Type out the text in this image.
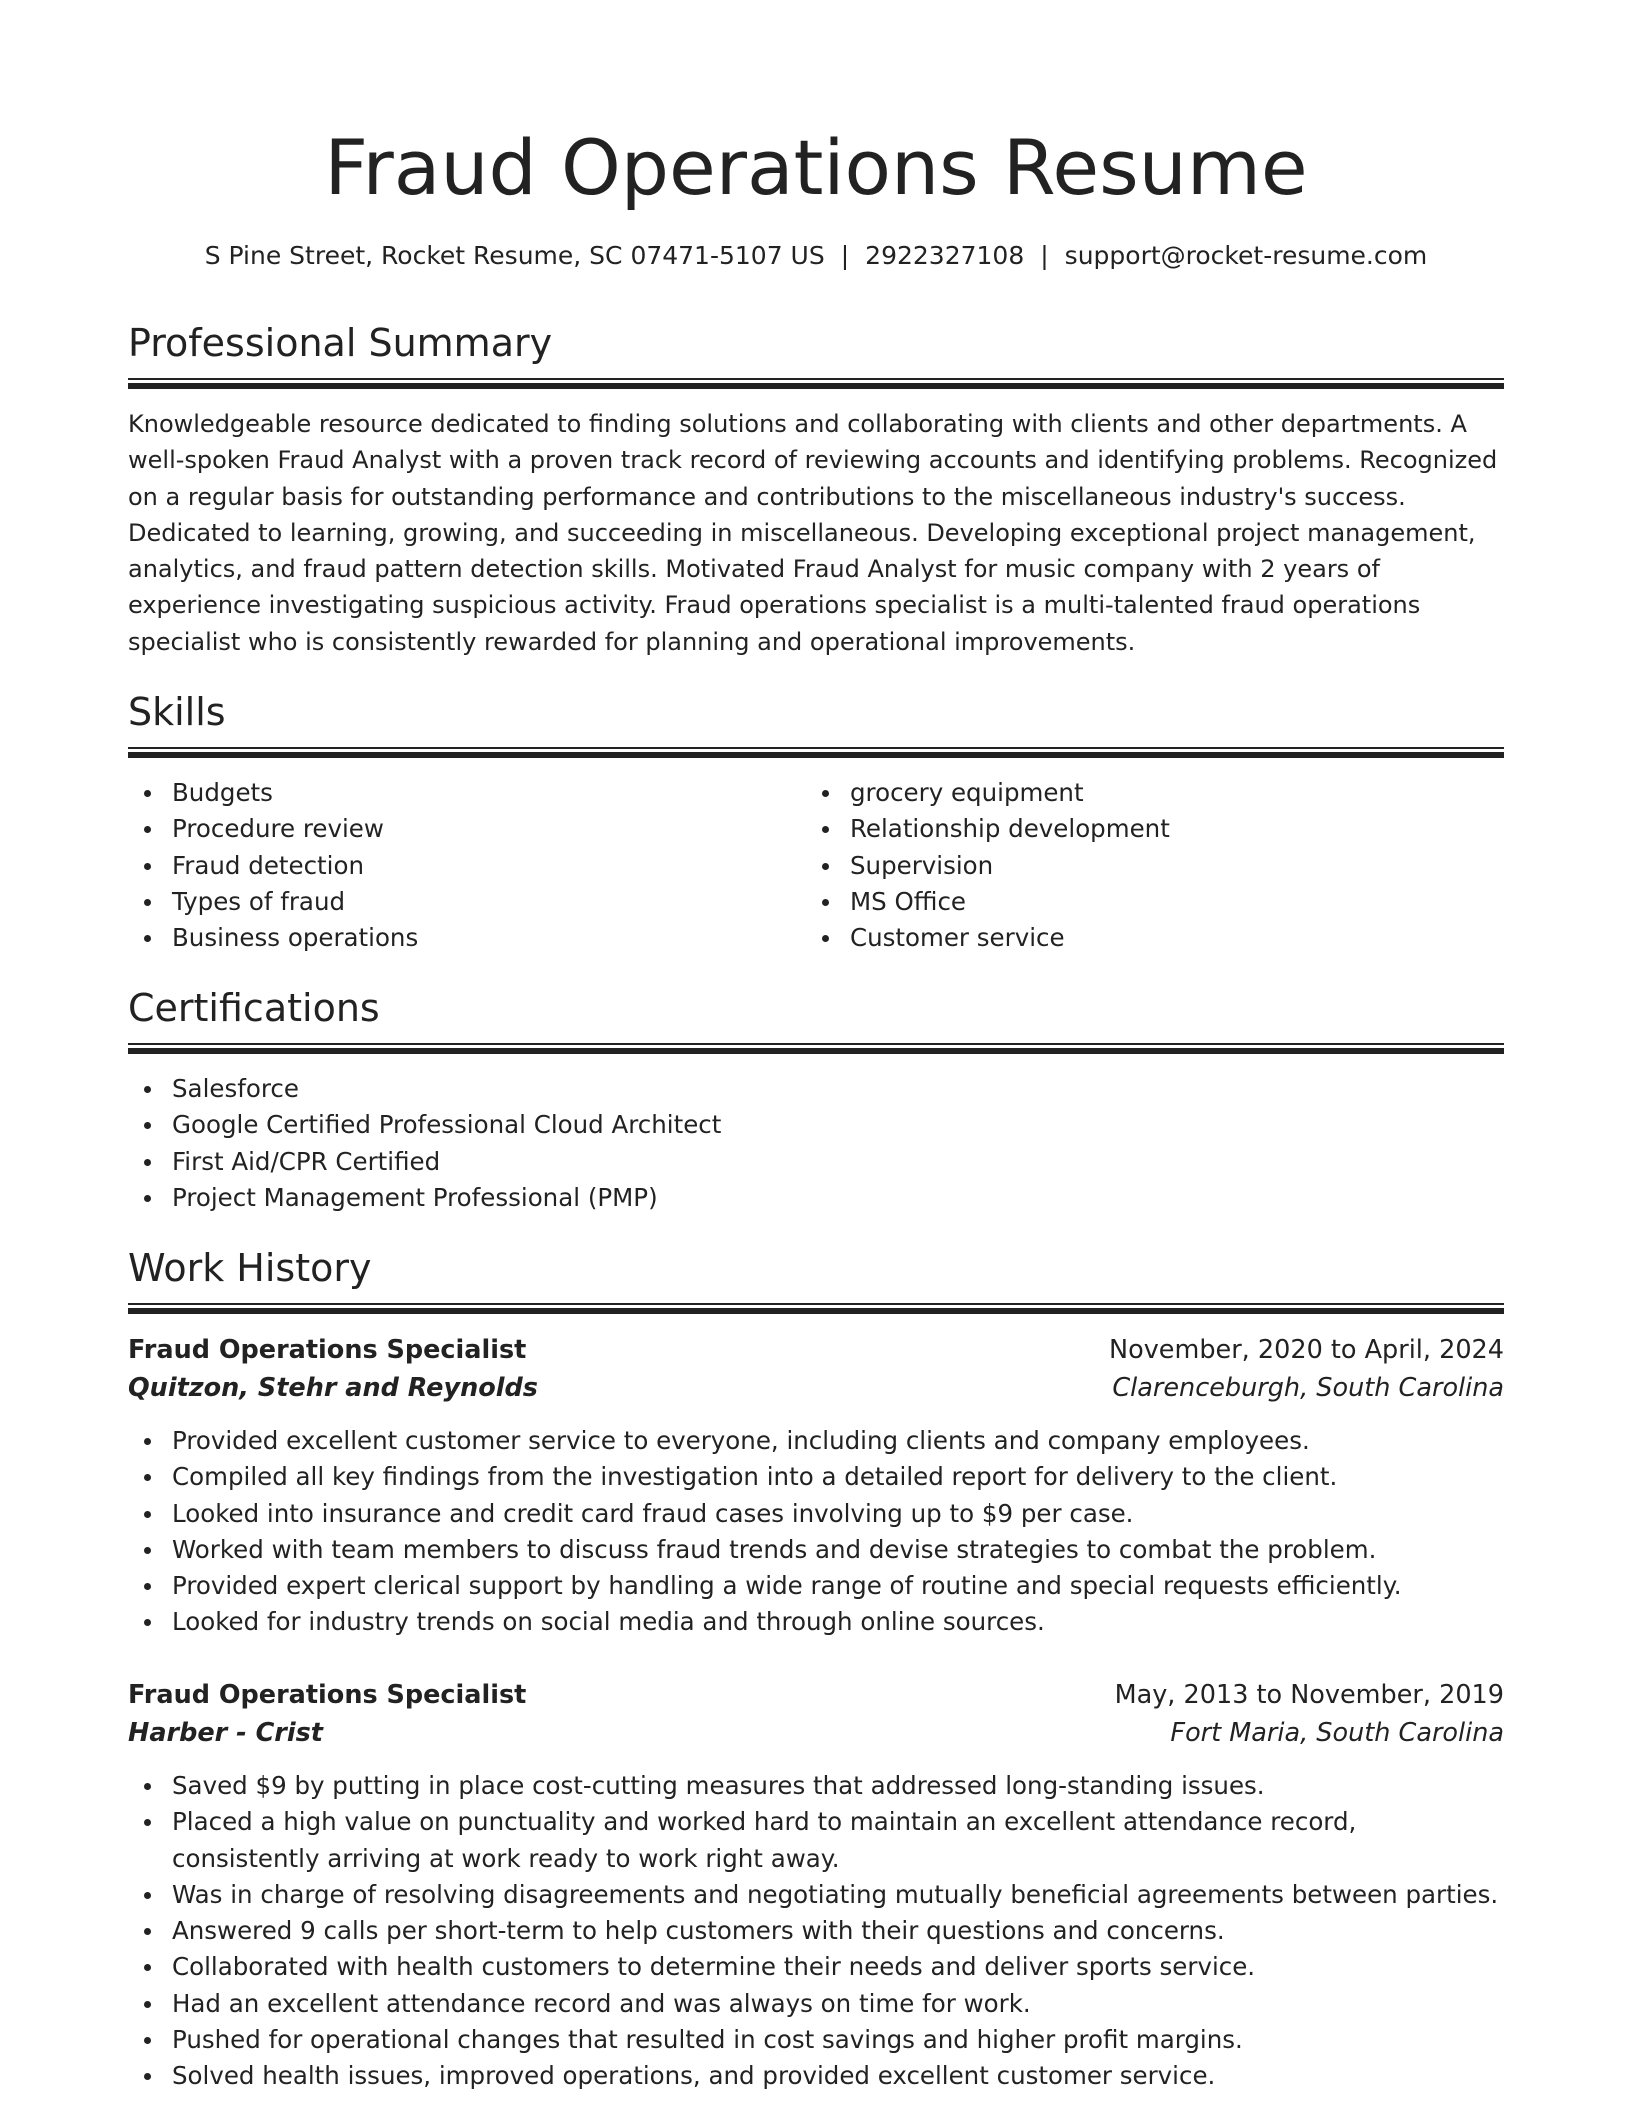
Fraud Operations Resume
S Pine Street, Rocket Resume, SC 07471-5107 US | 2922327108 | support@rocket-resume.com
Professional Summary

Knowledgeable resource dedicated to finding solutions and collaborating with clients and other departments. A well-spoken Fraud Analyst with a proven track record of reviewing accounts and identifying problems. Recognized on a regular basis for outstanding performance and contributions to the miscellaneous industry's success. Dedicated to learning, growing, and succeeding in miscellaneous. Developing exceptional project management, analytics, and fraud pattern detection skills. Motivated Fraud Analyst for music company with 2 years of experience investigating suspicious activity. Fraud operations specialist is a multi-talented fraud operations specialist who is consistently rewarded for planning and operational improvements.

Skills
Budgets
Procedure review
Fraud detection
Types of fraud
Business operations
grocery equipment
Relationship development
Supervision
MS Office
Customer service
Certifications
Salesforce
Google Certified Professional Cloud Architect
First Aid/CPR Certified
Project Management Professional (PMP)
Work History
Fraud Operations Specialist	November, 2020 to April, 2024
Quitzon, Stehr and Reynolds	Clarenceburgh, South Carolina
Provided excellent customer service to everyone, including clients and company employees.
Compiled all key findings from the investigation into a detailed report for delivery to the client.
Looked into insurance and credit card fraud cases involving up to $9 per case.
Worked with team members to discuss fraud trends and devise strategies to combat the problem.
Provided expert clerical support by handling a wide range of routine and special requests efficiently.
Looked for industry trends on social media and through online sources.
Fraud Operations Specialist	May, 2013 to November, 2019
Harber - Crist	Fort Maria, South Carolina
Saved $9 by putting in place cost-cutting measures that addressed long-standing issues.
Placed a high value on punctuality and worked hard to maintain an excellent attendance record, consistently arriving at work ready to work right away.
Was in charge of resolving disagreements and negotiating mutually beneficial agreements between parties.
Answered 9 calls per short-term to help customers with their questions and concerns.
Collaborated with health customers to determine their needs and deliver sports service.
Had an excellent attendance record and was always on time for work.
Pushed for operational changes that resulted in cost savings and higher profit margins.
Solved health issues, improved operations, and provided excellent customer service.
